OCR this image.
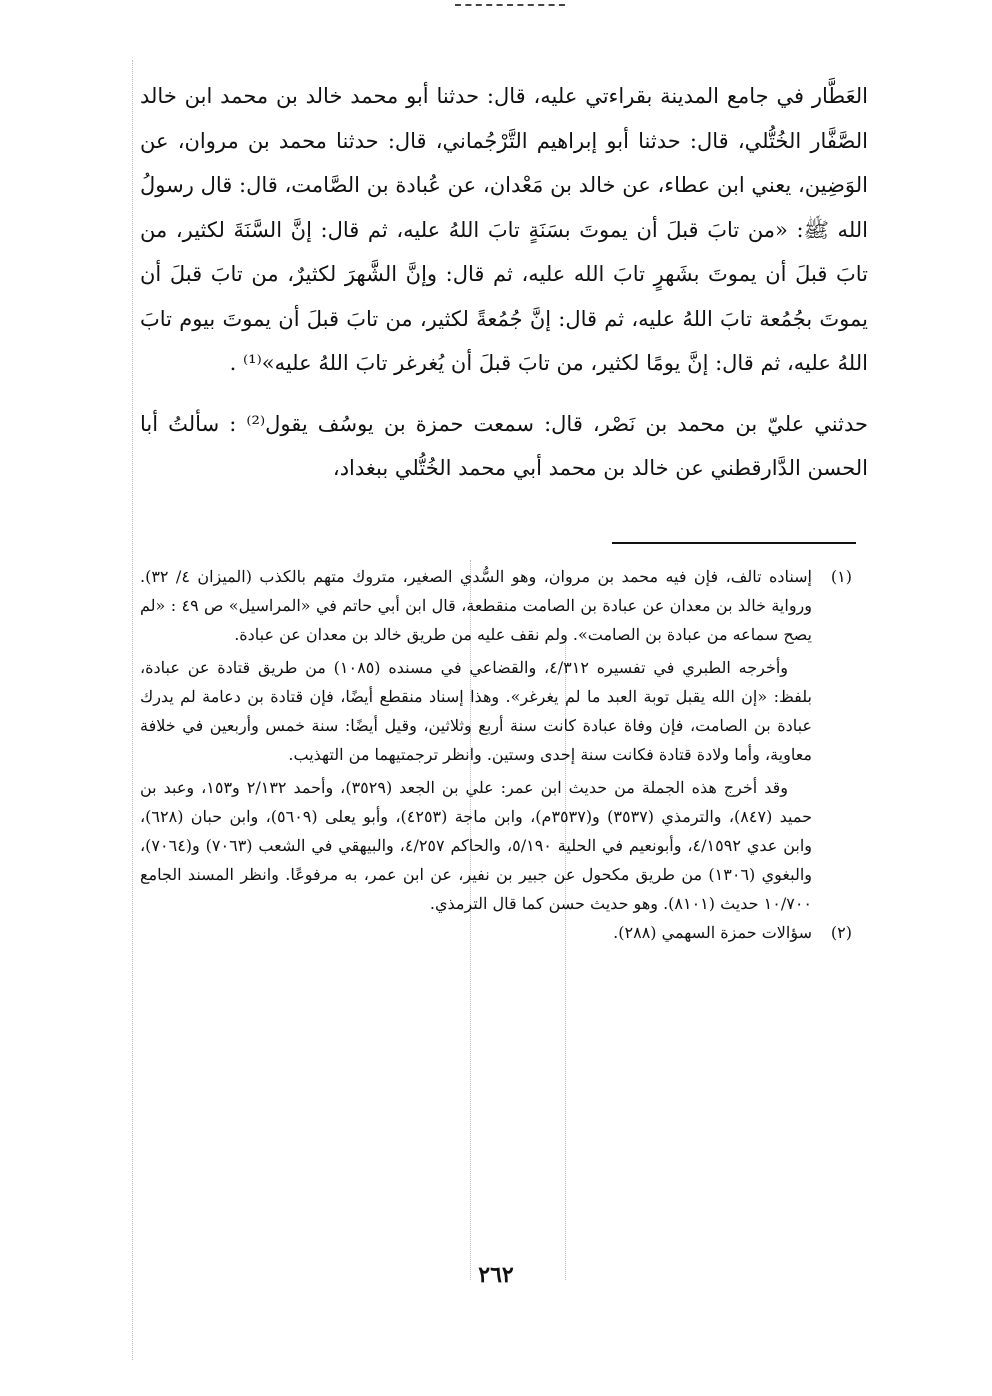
العَطَّار في جامع المدينة بقراءتي عليه، قال: حدثنا أبو محمد خالد بن محمد ابن خالد الصَّفَّار الخُتُّلي، قال: حدثنا أبو إبراهيم التَّرْجُماني، قال: حدثنا محمد بن مروان، عن الوَضِين، يعني ابن عطاء، عن خالد بن مَعْدان، عن عُبادة بن الصَّامت، قال: قال رسولُ الله ﷺ: «من تابَ قبلَ أن يموتَ بسَنَةٍ تابَ اللهُ عليه، ثم قال: إنَّ السَّنَةَ لكثير، من تابَ قبلَ أن يموتَ بشَهرٍ تابَ الله عليه، ثم قال: وإنَّ الشَّهرَ لكثيرٌ، من تابَ قبلَ أن يموتَ بجُمُعة تابَ اللهُ عليه، ثم قال: إنَّ جُمُعةً لكثير، من تابَ قبلَ أن يموتَ بيوم تابَ اللهُ عليه، ثم قال: إنَّ يومًا لكثير، من تابَ قبلَ أن يُغرغر تابَ اللهُ عليه»⁽¹⁾ .

حدثني عليّ بن محمد بن نَصْر، قال: سمعت حمزة بن يوسُف يقول⁽²⁾ : سألتُ أبا الحسن الدَّارقطني عن خالد بن محمد أبي محمد الخُتُّلي ببغداد،

(١)

إسناده تالف، فإن فيه محمد بن مروان، وهو السُّدي الصغير، متروك متهم بالكذب (الميزان ٤/ ٣٢). ورواية خالد بن معدان عن عبادة بن الصامت منقطعة، قال ابن أبي حاتم في «المراسيل» ص ٤٩ : «لم يصح سماعه من عبادة بن الصامت». ولم نقف عليه من طريق خالد بن معدان عن عبادة.

وأخرجه الطبري في تفسيره ٤/٣١٢، والقضاعي في مسنده (١٠٨٥) من طريق قتادة عن عبادة، بلفظ: «إن الله يقبل توبة العبد ما لم يغرغر». وهذا إسناد منقطع أيضًا، فإن قتادة بن دعامة لم يدرك عبادة بن الصامت، فإن وفاة عبادة كانت سنة أربع وثلاثين، وقيل أيضًا: سنة خمس وأربعين في خلافة معاوية، وأما ولادة قتادة فكانت سنة إحدى وستين. وانظر ترجمتيهما من التهذيب.

وقد أخرج هذه الجملة من حديث ابن عمر: علي بن الجعد (٣٥٢٩)، وأحمد ٢/١٣٢ و١٥٣، وعبد بن حميد (٨٤٧)، والترمذي (٣٥٣٧) و(٣٥٣٧م)، وابن ماجة (٤٢٥٣)، وأبو يعلى (٥٦٠٩)، وابن حبان (٦٢٨)، وابن عدي ٤/١٥٩٢، وأبونعيم في الحلية ٥/١٩٠، والحاكم ٤/٢٥٧، والبيهقي في الشعب (٧٠٦٣) و(٧٠٦٤)، والبغوي (١٣٠٦) من طريق مكحول عن جبير بن نفير، عن ابن عمر، به مرفوعًا. وانظر المسند الجامع ١٠/٧٠٠ حديث (٨١٠١). وهو حديث حسن كما قال الترمذي.

(٢)

سؤالات حمزة السهمي (٢٨٨).

٢٦٢
